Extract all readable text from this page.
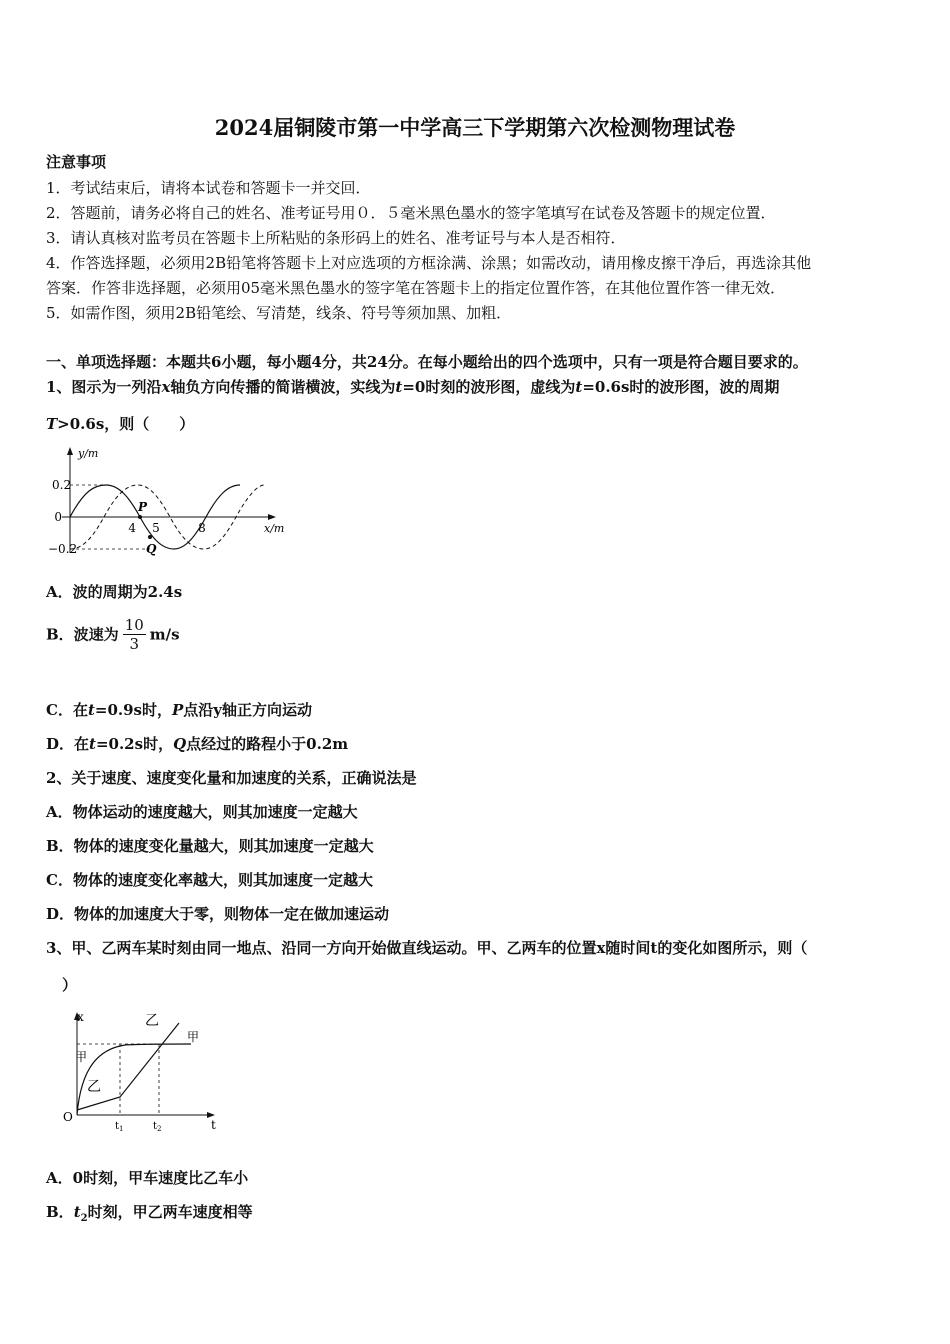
2024届铜陵市第一中学高三下学期第六次检测物理试卷
注意事项
1．考试结束后，请将本试卷和答题卡一并交回．
2．答题前，请务必将自己的姓名、准考证号用０．５毫米黑色墨水的签字笔填写在试卷及答题卡的规定位置．
3．请认真核对监考员在答题卡上所粘贴的条形码上的姓名、准考证号与本人是否相符．
4．作答选择题，必须用2B铅笔将答题卡上对应选项的方框涂满、涂黑；如需改动，请用橡皮擦干净后，再选涂其他
答案．作答非选择题，必须用05毫米黑色墨水的签字笔在答题卡上的指定位置作答，在其他位置作答一律无效．
5．如需作图，须用2B铅笔绘、写清楚，线条、符号等须加黑、加粗．
一、单项选择题：本题共6小题，每小题4分，共24分。在每小题给出的四个选项中，只有一项是符合题目要求的。
1、图示为一列沿x轴负方向传播的简谐横波，实线为t=0时刻的波形图，虚线为t=0.6s时的波形图，波的周期
T>0.6s，则（　　）
y/m
0.2
0
−0.2
4 5	8	x/m
P
Q
A．波的周期为2.4s
B．波速为 $\frac{10}{3} m/s$
C．在t=0.9s时，P点沿y轴正方向运动
D．在t=0.2s时，Q点经过的路程小于0.2m
2、关于速度、速度变化量和加速度的关系，正确说法是
A．物体运动的速度越大，则其加速度一定越大
B．物体的速度变化量越大，则其加速度一定越大
C．物体的速度变化率越大，则其加速度一定越大
D．物体的加速度大于零，则物体一定在做加速运动
3、甲、乙两车某时刻由同一地点、沿同一方向开始做直线运动。甲、乙两车的位置x随时间t的变化如图所示，则（
）
x
O
$t_1$	$t_2$	t
乙
甲
甲
乙
A．0时刻，甲车速度比乙车小
B．$t_2$时刻，甲乙两车速度相等
